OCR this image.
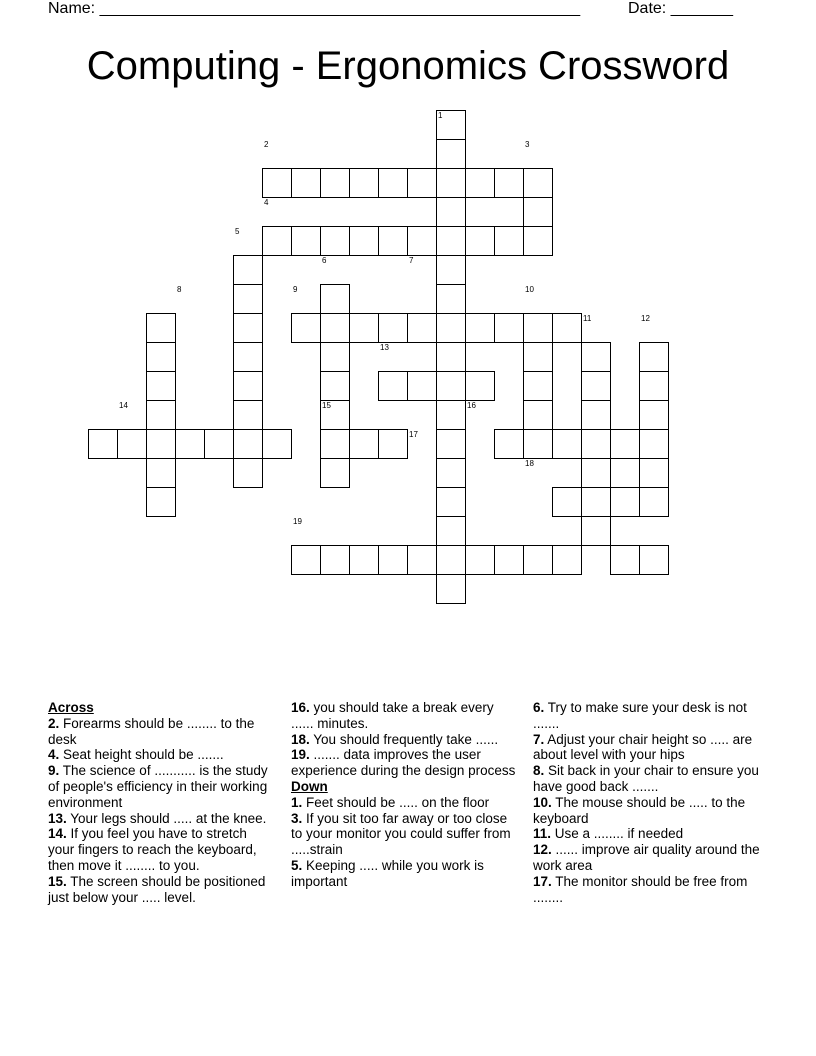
Name: ______________________________________________________	Date: _______
Computing - Ergonomics Crossword
1
2	3
4
5
6	7
8	9	10
11	12
13
14	15	16
17
18
19
Across
2. Forearms should be ........ to the desk
4. Seat height should be .......
9. The science of ........... is the study of people's efficiency in their working environment
13. Your legs should ..... at the knee.
14. If you feel you have to stretch your fingers to reach the keyboard, then move it ........ to you.
15. The screen should be positioned just below your ..... level.
16. you should take a break every ...... minutes.
18. You should frequently take ......
19. ....... data improves the user experience during the design process
Down
1. Feet should be ..... on the floor
3. If you sit too far away or too close to your monitor you could suffer from .....strain
5. Keeping ..... while you work is important
6. Try to make sure your desk is not .......
7. Adjust your chair height so ..... are about level with your hips
8. Sit back in your chair to ensure you have good back .......
10. The mouse should be ..... to the keyboard
11. Use a ........ if needed
12. ...... improve air quality around the work area
17. The monitor should be free from ........
